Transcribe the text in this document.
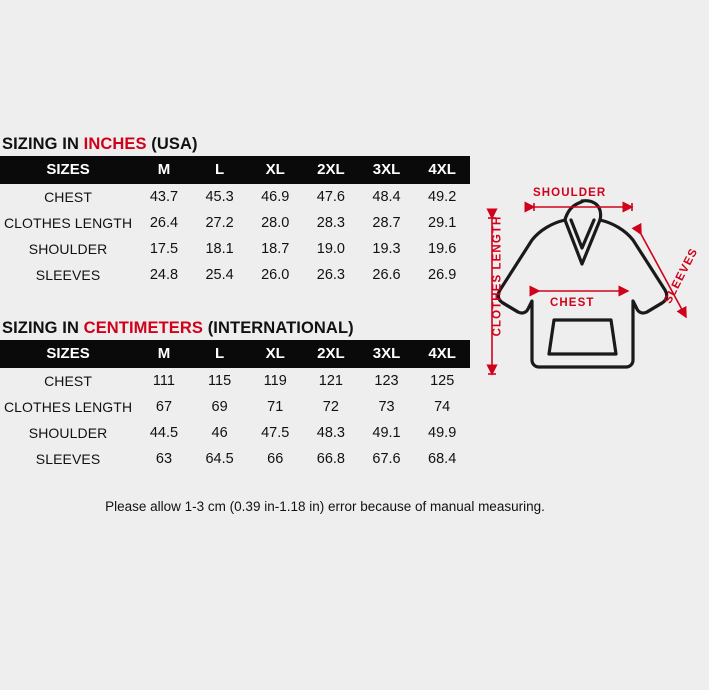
SIZING IN INCHES (USA)
SIZES	M	L	XL	2XL	3XL	4XL
CHEST	43.7	45.3	46.9	47.6	48.4	49.2
CLOTHES LENGTH	26.4	27.2	28.0	28.3	28.7	29.1
SHOULDER	17.5	18.1	18.7	19.0	19.3	19.6
SLEEVES	24.8	25.4	26.0	26.3	26.6	26.9
SIZING IN CENTIMETERS (INTERNATIONAL)
SIZES	M	L	XL	2XL	3XL	4XL
CHEST	111	115	119	121	123	125
CLOTHES LENGTH	67	69	71	72	73	74
SHOULDER	44.5	46	47.5	48.3	49.1	49.9
SLEEVES	63	64.5	66	66.8	67.6	68.4
Please allow 1-3 cm (0.39 in-1.18 in) error because of manual measuring.
SHOULDER
CHEST
CLOTHES LENGTH	SLEEVES
